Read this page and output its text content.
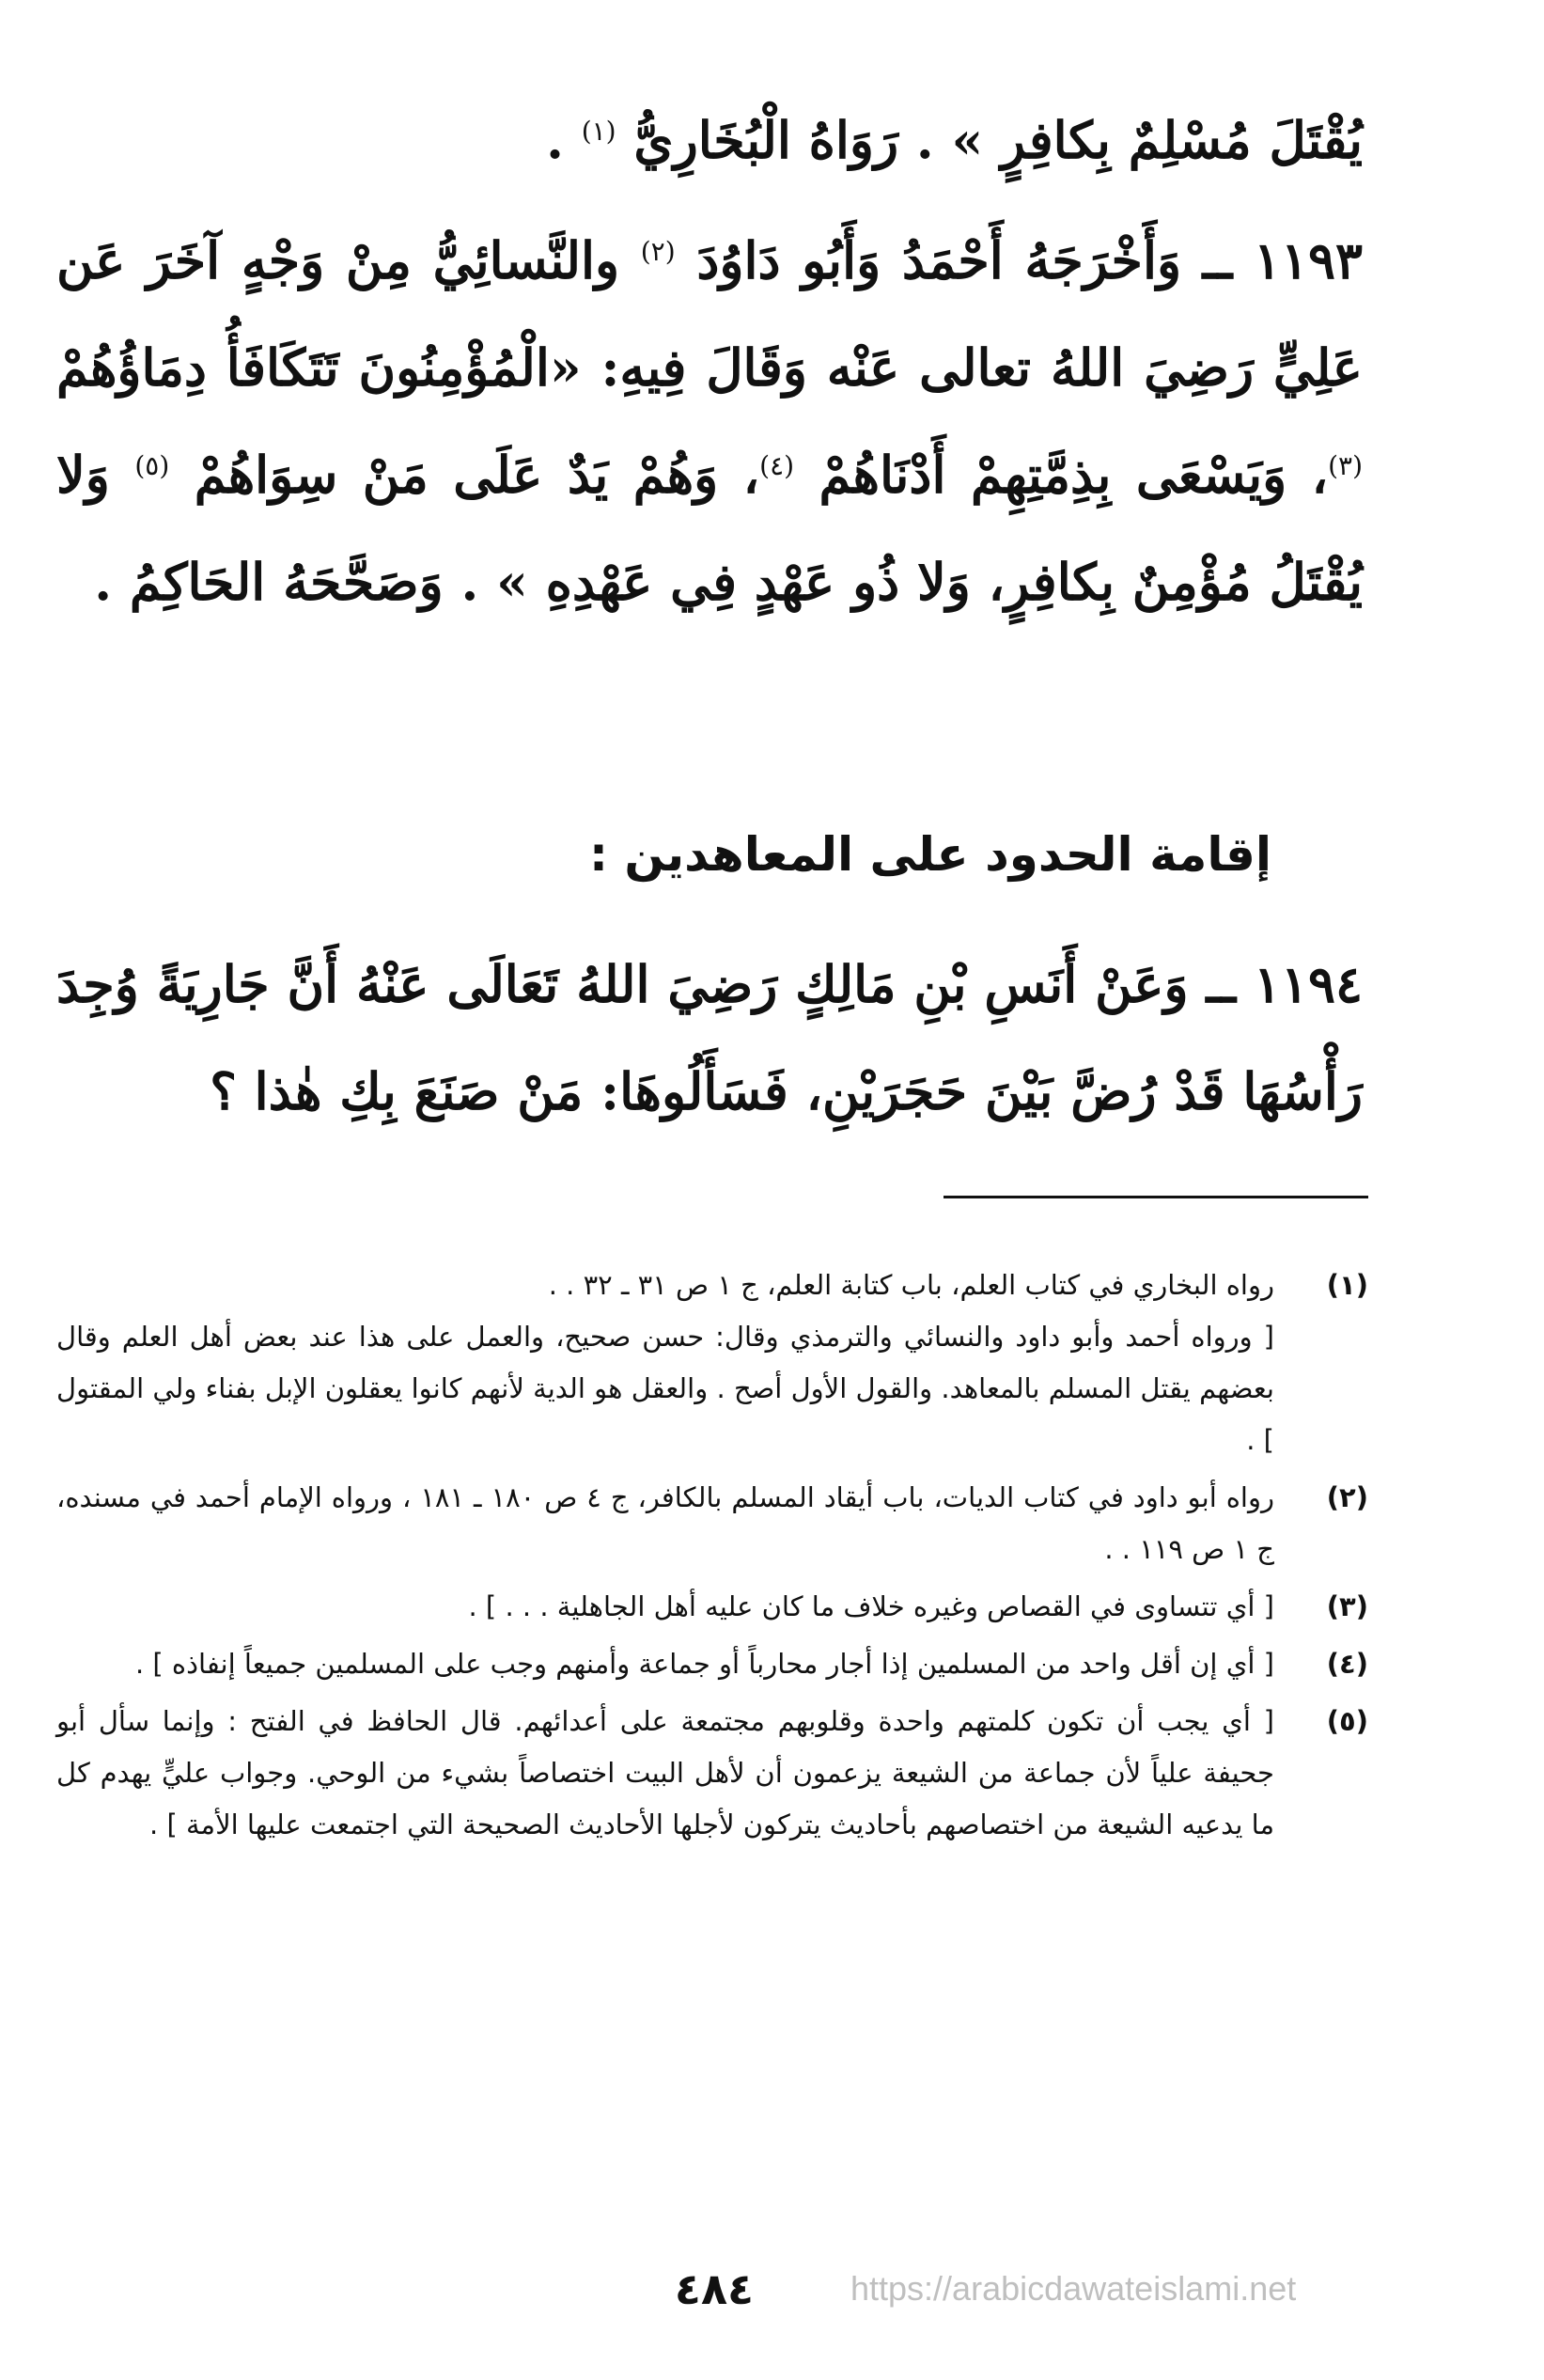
يُقْتَلَ مُسْلِمٌ بِكافِرٍ » . رَوَاهُ الْبُخَارِيُّ $^{(١)}$ .
١١٩٣ ــ وَأَخْرَجَهُ أَحْمَدُ وَأَبُو دَاوُدَ $^{(٢)}$ والنَّسائِيُّ مِنْ وَجْهٍ آخَرَ عَن عَلِيٍّ رَضِيَ اللهُ تعالى عَنْه وَقَالَ فِيهِ: «الْمُؤْمِنُونَ تَتَكَافَأُ دِمَاؤُهُمْ $^{(٣)}$، وَيَسْعَى بِذِمَّتِهِمْ أَدْنَاهُمْ $^{(٤)}$، وَهُمْ يَدٌ عَلَى مَنْ سِوَاهُمْ $^{(٥)}$ وَلا يُقْتَلُ مُؤْمِنٌ بِكافِرٍ، وَلا ذُو عَهْدٍ فِي عَهْدِهِ » . وَصَحَّحَهُ الحَاكِمُ .
إقامة الحدود على المعاهدين :
١١٩٤ ــ وَعَنْ أَنَسِ بْنِ مَالِكٍ رَضِيَ اللهُ تَعَالَى عَنْهُ أَنَّ جَارِيَةً وُجِدَ رَأْسُهَا قَدْ رُضَّ بَيْنَ حَجَرَيْنِ، فَسَأَلُوهَا: مَنْ صَنَعَ بِكِ هٰذا ؟
(١)
رواه البخاري في كتاب العلم، باب كتابة العلم، ج ١ ص ٣١ ـ ٣٢ . .
[ ورواه أحمد وأبو داود والنسائي والترمذي وقال: حسن صحيح، والعمل على هذا عند بعض أهل العلم وقال بعضهم يقتل المسلم بالمعاهد. والقول الأول أصح . والعقل هو الدية لأنهم كانوا يعقلون الإبل بفناء ولي المقتول ] .
(٢)
رواه أبو داود في كتاب الديات، باب أيقاد المسلم بالكافر، ج ٤ ص ١٨٠ ـ ١٨١ ، ورواه الإمام أحمد في مسنده، ج ١ ص ١١٩ . .
(٣)
[ أي تتساوى في القصاص وغيره خلاف ما كان عليه أهل الجاهلية . . . ] .
(٤)
[ أي إن أقل واحد من المسلمين إذا أجار محارباً أو جماعة وأمنهم وجب على المسلمين جميعاً إنفاذه ] .
(٥)
[ أي يجب أن تكون كلمتهم واحدة وقلوبهم مجتمعة على أعدائهم. قال الحافظ في الفتح : وإنما سأل أبو جحيفة علياً لأن جماعة من الشيعة يزعمون أن لأهل البيت اختصاصاً بشيء من الوحي. وجواب عليٍّ يهدم كل ما يدعيه الشيعة من اختصاصهم بأحاديث يتركون لأجلها الأحاديث الصحيحة التي اجتمعت عليها الأمة ] .
٤٨٤	https://arabicdawateislami.net
